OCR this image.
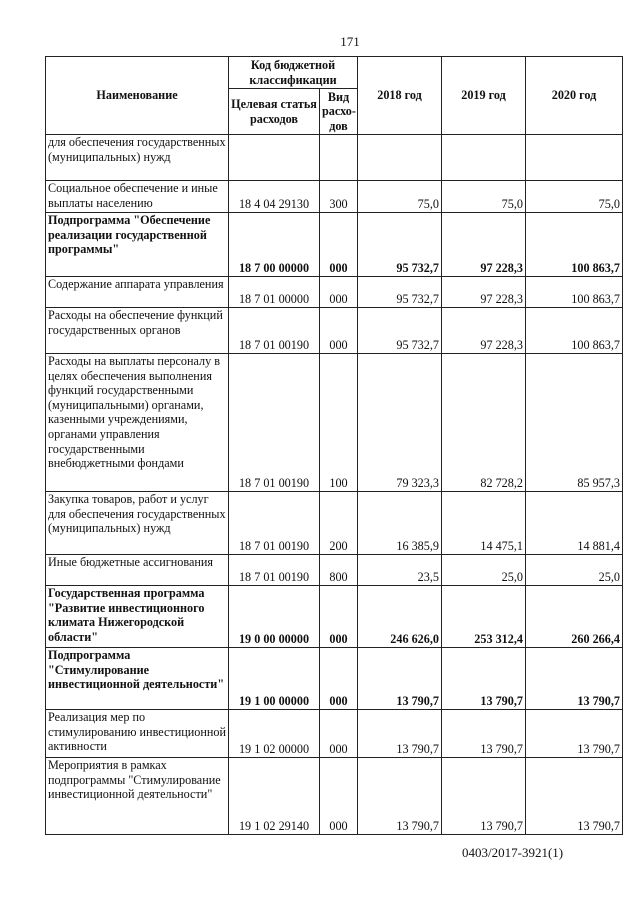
171
Наименование	Код бюджетной классификации		2018 год	2019 год	2020 год
	Целевая статья расходов	Вид расхо-дов			
для обеспечения государственных (муниципальных) нужд					
Социальное обеспечение и иные выплаты населению	18 4 04 29130	300	75,0	75,0	75,0
Подпрограмма "Обеспечение реализации государственной программы"	18 7 00 00000	000	95 732,7	97 228,3	100 863,7
Содержание аппарата управления	18 7 01 00000	000	95 732,7	97 228,3	100 863,7
Расходы на обеспечение функций государственных органов	18 7 01 00190	000	95 732,7	97 228,3	100 863,7
Расходы на выплаты персоналу в целях обеспечения выполнения функций государственными (муниципальными) органами, казенными учреждениями, органами управления государственными внебюджетными фондами	18 7 01 00190	100	79 323,3	82 728,2	85 957,3
Закупка товаров, работ и услуг для обеспечения государственных (муниципальных) нужд	18 7 01 00190	200	16 385,9	14 475,1	14 881,4
Иные бюджетные ассигнования	18 7 01 00190	800	23,5	25,0	25,0
Государственная программа "Развитие инвестиционного климата Нижегородской области"	19 0 00 00000	000	246 626,0	253 312,4	260 266,4
Подпрограмма "Стимулирование инвестиционной деятельности"	19 1 00 00000	000	13 790,7	13 790,7	13 790,7
Реализация мер по стимулированию инвестиционной активности	19 1 02 00000	000	13 790,7	13 790,7	13 790,7
Мероприятия в рамках подпрограммы "Стимулирование инвестиционной деятельности"	19 1 02 29140	000	13 790,7	13 790,7	13 790,7
0403/2017-3921(1)
